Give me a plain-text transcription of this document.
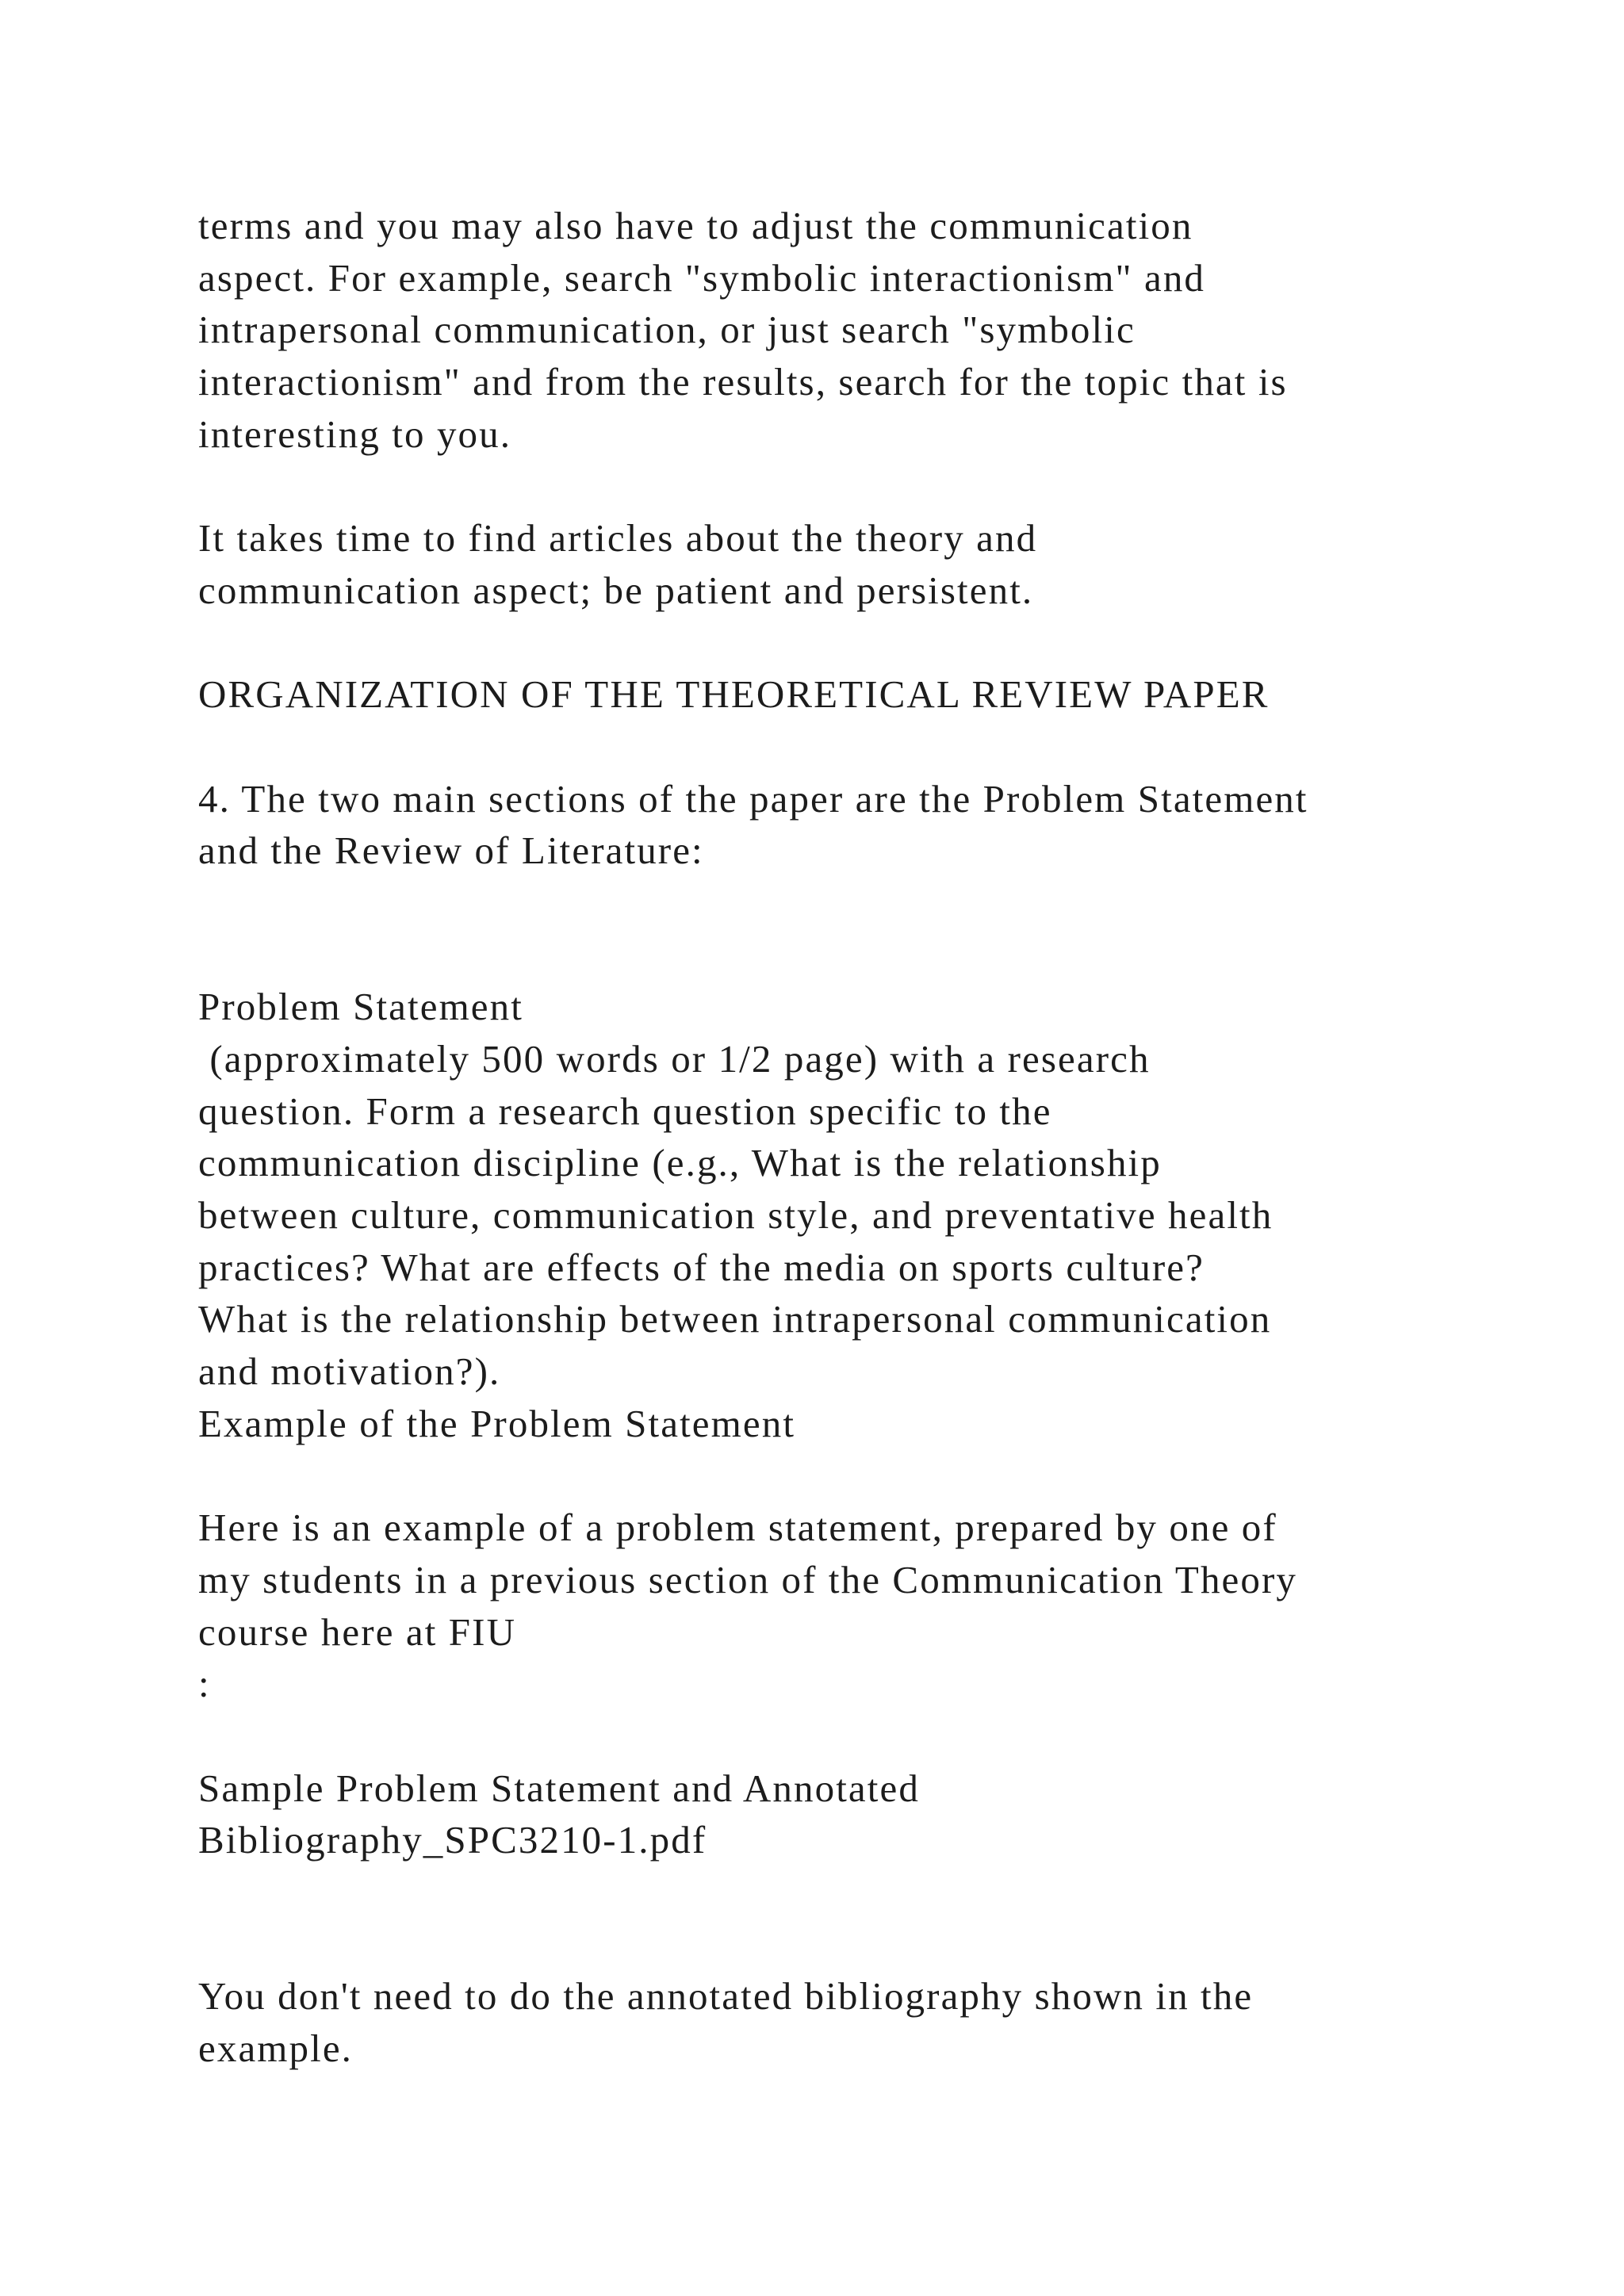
terms and you may also have to adjust the communication
aspect. For example, search "symbolic interactionism" and
intrapersonal communication, or just search "symbolic
interactionism" and from the results, search for the topic that is
interesting to you.
It takes time to find articles about the theory and
communication aspect; be patient and persistent.
ORGANIZATION OF THE THEORETICAL REVIEW PAPER
4. The two main sections of the paper are the Problem Statement
and the Review of Literature:
Problem Statement
(approximately 500 words or 1/2 page) with a research
question. Form a research question specific to the
communication discipline (e.g., What is the relationship
between culture, communication style, and preventative health
practices? What are effects of the media on sports culture?
What is the relationship between intrapersonal communication
and motivation?).
Example of the Problem Statement
Here is an example of a problem statement, prepared by one of
my students in a previous section of the Communication Theory
course here at FIU
:
Sample Problem Statement and Annotated
Bibliography_SPC3210-1.pdf
You don't need to do the annotated bibliography shown in the
example.
